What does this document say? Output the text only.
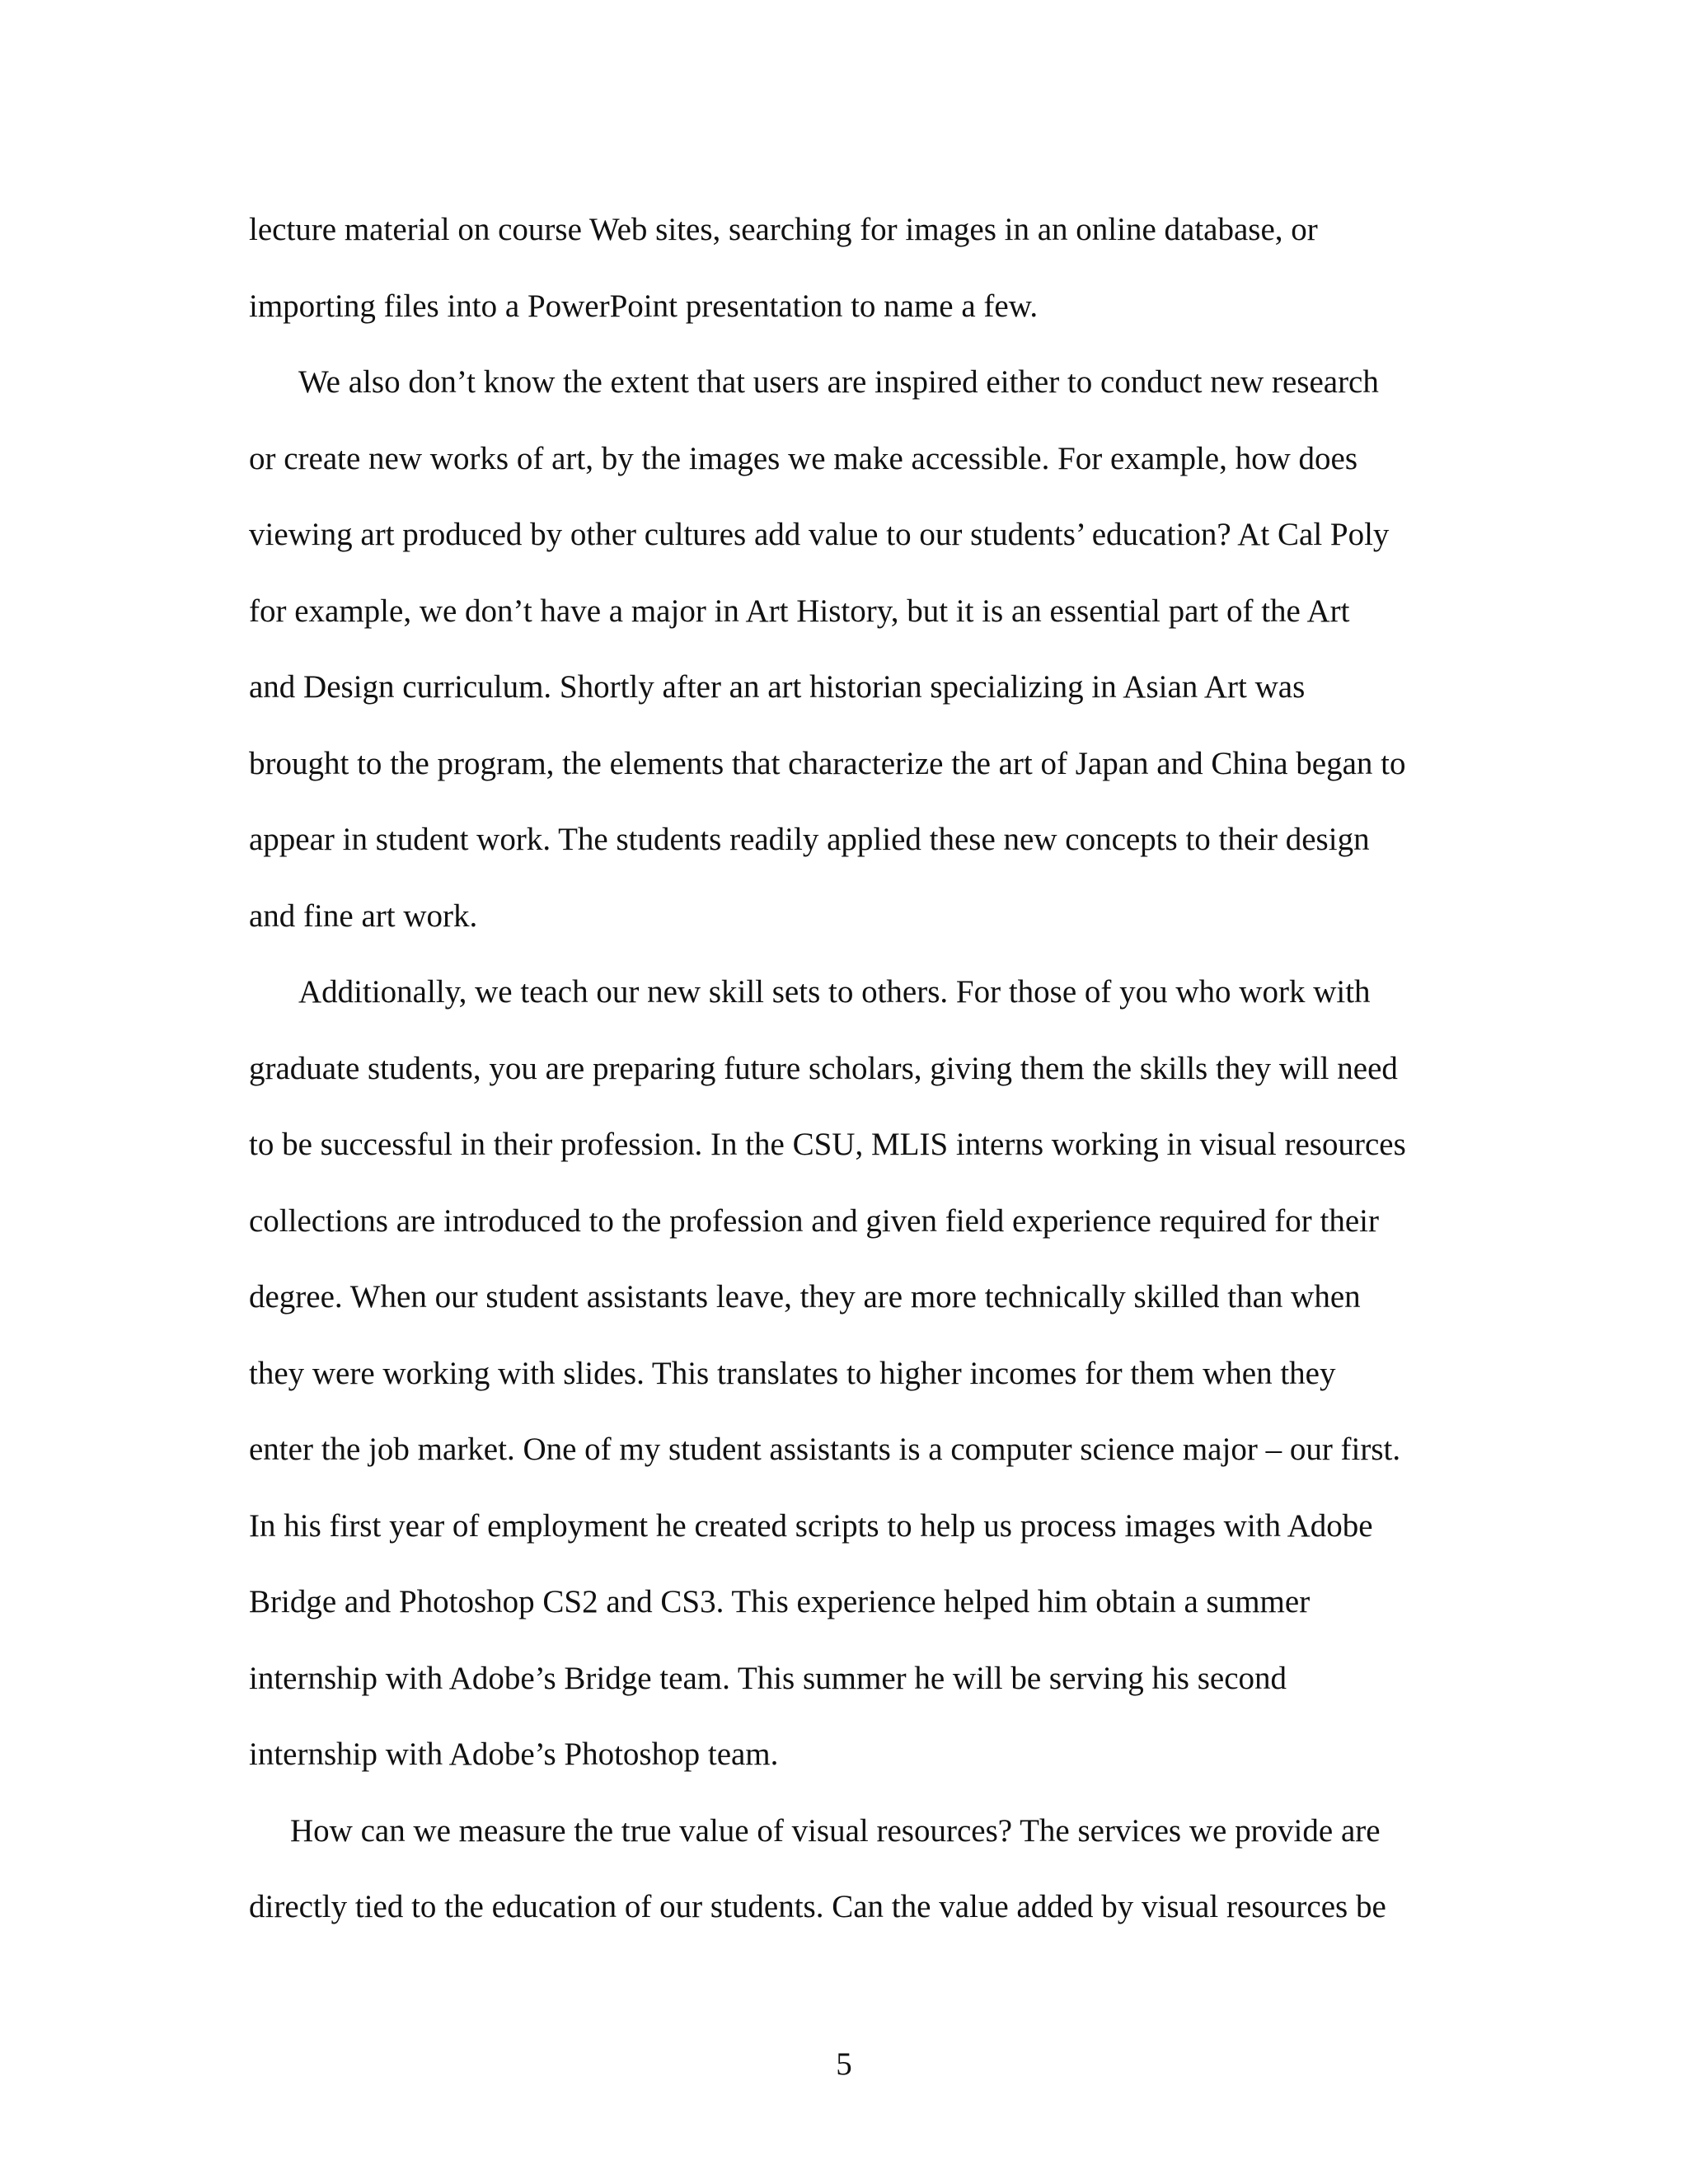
lecture material on course Web sites, searching for images in an online database, or
importing files into a PowerPoint presentation to name a few.
We also don’t know the extent that users are inspired either to conduct new research
or create new works of art, by the images we make accessible. For example, how does
viewing art produced by other cultures add value to our students’ education? At Cal Poly
for example, we don’t have a major in Art History, but it is an essential part of the Art
and Design curriculum. Shortly after an art historian specializing in Asian Art was
brought to the program, the elements that characterize the art of Japan and China began to
appear in student work. The students readily applied these new concepts to their design
and fine art work.
Additionally, we teach our new skill sets to others. For those of you who work with
graduate students, you are preparing future scholars, giving them the skills they will need
to be successful in their profession. In the CSU, MLIS interns working in visual resources
collections are introduced to the profession and given field experience required for their
degree. When our student assistants leave, they are more technically skilled than when
they were working with slides. This translates to higher incomes for them when they
enter the job market. One of my student assistants is a computer science major – our first.
In his first year of employment he created scripts to help us process images with Adobe
Bridge and Photoshop CS2 and CS3. This experience helped him obtain a summer
internship with Adobe’s Bridge team. This summer he will be serving his second
internship with Adobe’s Photoshop team.
How can we measure the true value of visual resources? The services we provide are
directly tied to the education of our students. Can the value added by visual resources be
5
